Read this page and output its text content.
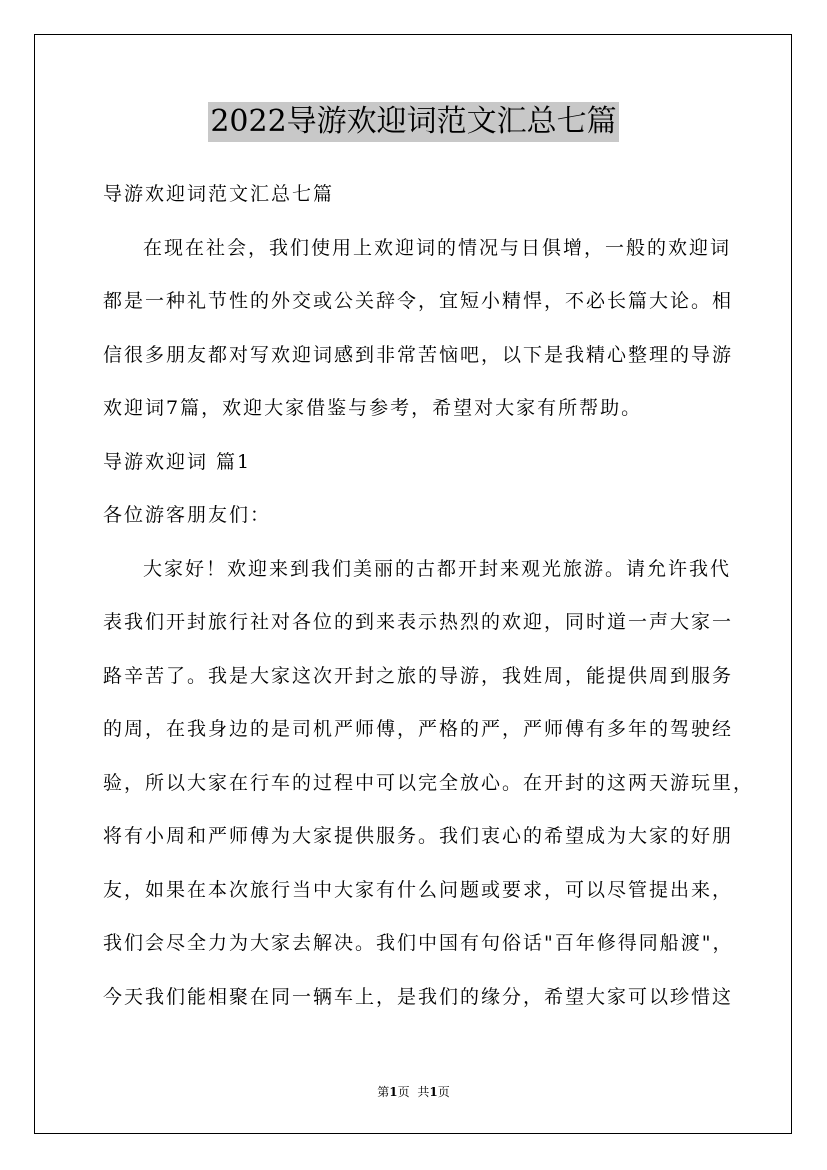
2022导游欢迎词范文汇总七篇
导游欢迎词范文汇总七篇
在现在社会，我们使用上欢迎词的情况与日俱增，一般的欢迎词
都是一种礼节性的外交或公关辞令，宜短小精悍，不必长篇大论。相
信很多朋友都对写欢迎词感到非常苦恼吧，以下是我精心整理的导游
欢迎词7篇，欢迎大家借鉴与参考，希望对大家有所帮助。
导游欢迎词 篇1
各位游客朋友们：
大家好！欢迎来到我们美丽的古都开封来观光旅游。请允许我代
表我们开封旅行社对各位的到来表示热烈的欢迎，同时道一声大家一
路辛苦了。我是大家这次开封之旅的导游，我姓周，能提供周到服务
的周，在我身边的是司机严师傅，严格的严，严师傅有多年的驾驶经
验，所以大家在行车的过程中可以完全放心。在开封的这两天游玩里，
将有小周和严师傅为大家提供服务。我们衷心的希望成为大家的好朋
友，如果在本次旅行当中大家有什么问题或要求，可以尽管提出来，
我们会尽全力为大家去解决。我们中国有句俗话"百年修得同船渡"，
今天我们能相聚在同一辆车上，是我们的缘分，希望大家可以珍惜这
第1页 共1页
